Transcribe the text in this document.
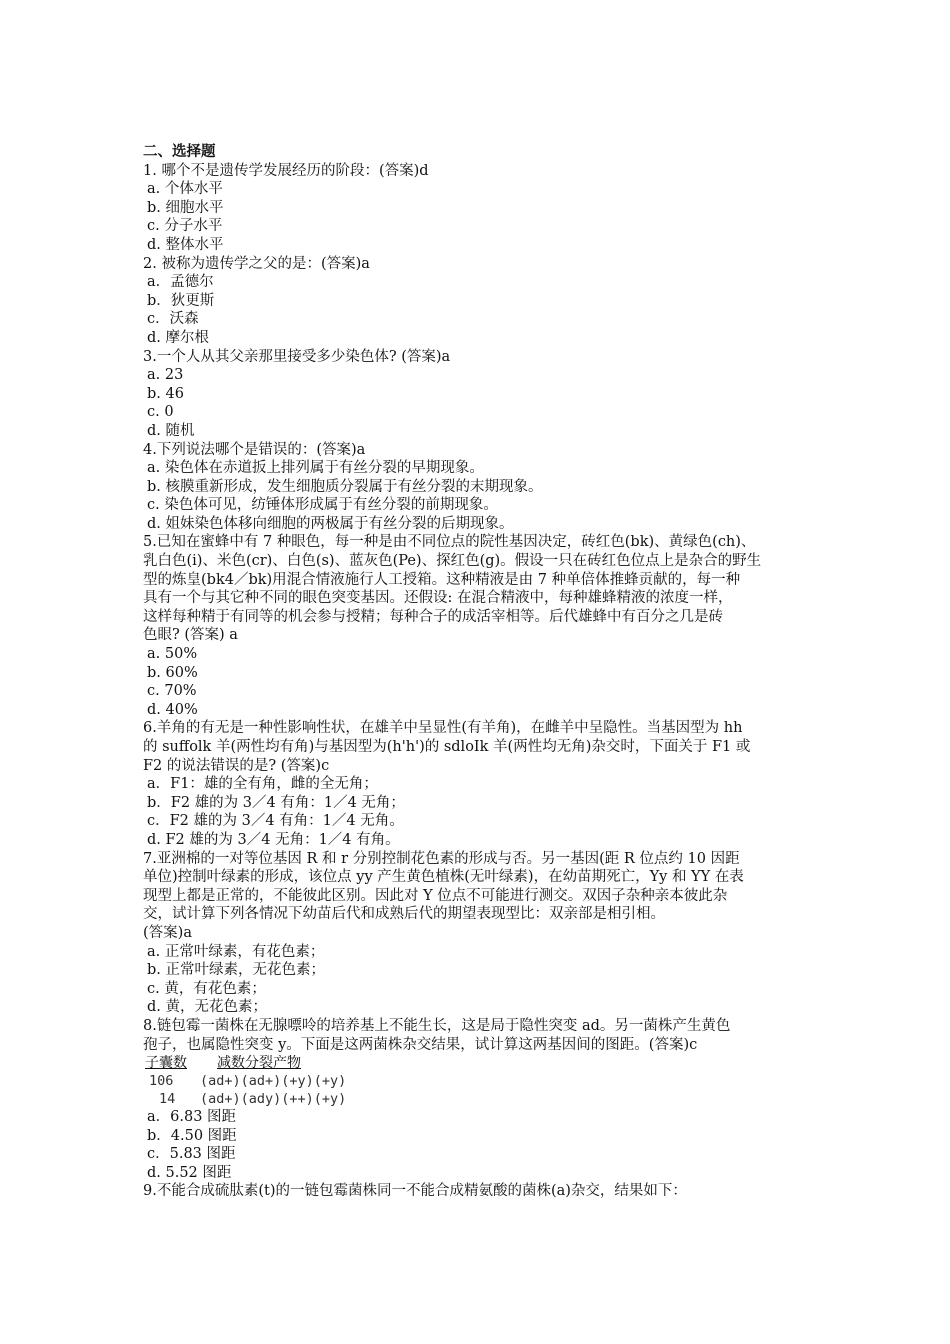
二、选择题
1. 哪个不是遗传学发展经历的阶段：(答案)d
a. 个体水平
b. 细胞水平
c. 分子水平
d. 整体水平
2. 被称为遗传学之父的是：(答案)a
a．孟德尔
b．狄更斯
c．沃森
d. 摩尔根
3.一个人从其父亲那里接受多少染色体? (答案)a
a. 23
b. 46
c. 0
d. 随机
4.下列说法哪个是错误的：(答案)a
a. 染色体在赤道扳上排列属于有丝分裂的早期现象。
b. 核膜重新形成，发生细胞质分裂属于有丝分裂的末期现象。
c. 染色体可见，纺锤体形成属于有丝分裂的前期现象。
d. 姐妹染色体移向细胞的两极属于有丝分裂的后期现象。
5.已知在蜜蜂中有 7 种眼色，每一种是由不同位点的院性基因决定，砖红色(bk)、黄绿色(ch)、
乳白色(i)、米色(cr)、白色(s)、蓝灰色(Pe)、探红色(g)。假设一只在砖红色位点上是杂合的野生
型的炼皇(bk4／bk)用混合情液施行人工授箱。这种精液是由 7 种单倍体推蜂贡献的，每一种
具有一个与其它种不同的眼色突变基因。还假设: 在混合精液中，每种雄蜂精液的浓度一样，
这样每种精于有同等的机会参与授精；每种合子的成活宰相等。后代雄蜂中有百分之几是砖
色眼? (答案) a
a. 50%
b. 60%
c. 70%
d. 40%
6.羊角的有无是一种性影响性状，在雄羊中呈显性(有羊角)，在雌羊中呈隐性。当基因型为 hh
的 suffolk 羊(两性均有角)与基因型为(h'h')的 sdloIk 羊(两性均无角)杂交时，下面关于 F1 或
F2 的说法错误的是? (答案)c
a．F1：雄的全有角，雌的全无角；
b．F2 雄的为 3／4 有角：1／4 无角；
c．F2 雄的为 3／4 有角：1／4 无角。
d. F2 雄的为 3／4 无角：1／4 有角。
7.亚洲棉的一对等位基因 R 和 r 分别控制花色素的形成与否。另一基因(距 R 位点约 10 因距
单位)控制叶绿素的形成，该位点 yy 产生黄色植株(无叶绿素)，在幼苗期死亡，Yy 和 YY 在表
现型上都是正常的，不能彼此区别。因此对 Y 位点不可能进行测交。双因子杂种亲本彼此杂
交，试计算下列各情况下幼苗后代和成熟后代的期望表现型比：双亲部是相引相。
(答案)a
a. 正常叶绿素，有花色素；
b. 正常叶绿素，无花色素；
c. 黄，有花色素；
d. 黄，无花色素；
8.链包霉一菌株在无腺嘌呤的培养基上不能生长，这是局于隐性突变 ad。另一菌株产生黄色
孢子，也属隐性突变 y。下面是这两菌株杂交结果，试计算这两基因间的图距。(答案)c
子囊数 减数分裂产物
106 (ad+)(ad+)(+y)(+y)
14 (ad+)(ady)(++)(+y)
a．6.83 图距
b．4.50 图距
c．5.83 图距
d. 5.52 图距
9.不能合成硫肽素(t)的一链包霉菌株同一不能合成精氨酸的菌株(a)杂交，结果如下：
